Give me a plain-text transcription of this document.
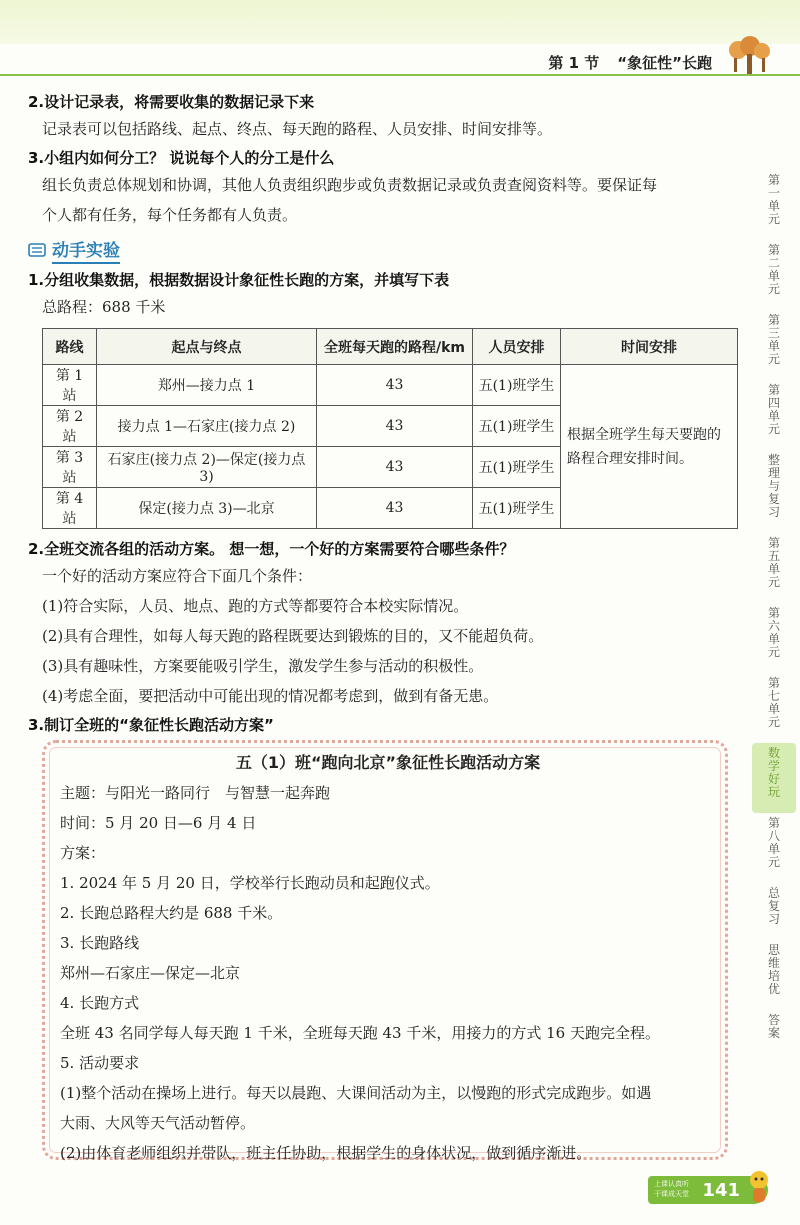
第 1 节 “象征性”长跑
第
一
单
元
第
二
单
元
第
三
单
元
第
四
单
元
整
理
与
复
习
第
五
单
元
第
六
单
元
第
七
单
元
数
学
好
玩
第
八
单
元
总
复
习
思
维
培
优
答
案
2.设计记录表，将需要收集的数据记录下来
记录表可以包括路线、起点、终点、每天跑的路程、人员安排、时间安排等。
3.小组内如何分工？ 说说每个人的分工是什么
组长负责总体规划和协调，其他人负责组织跑步或负责数据记录或负责查阅资料等。要保证每
个人都有任务，每个任务都有人负责。
动手实验
1.分组收集数据，根据数据设计象征性长跑的方案，并填写下表
总路程：688 千米
路线	起点与终点	全班每天跑的路程/km	人员安排	时间安排
第 1 站	郑州—接力点 1	43	五(1)班学生	根据全班学生每天要跑的路程合理安排时间。
第 2 站	接力点 1—石家庄(接力点 2)	43	五(1)班学生	
第 3 站	石家庄(接力点 2)—保定(接力点 3)	43	五(1)班学生	
第 4 站	保定(接力点 3)—北京	43	五(1)班学生	
2.全班交流各组的活动方案。 想一想，一个好的方案需要符合哪些条件？
一个好的活动方案应符合下面几个条件：
(1)符合实际，人员、地点、跑的方式等都要符合本校实际情况。
(2)具有合理性，如每人每天跑的路程既要达到锻炼的目的，又不能超负荷。
(3)具有趣味性，方案要能吸引学生，激发学生参与活动的积极性。
(4)考虑全面，要把活动中可能出现的情况都考虑到，做到有备无患。
3.制订全班的“象征性长跑活动方案”
五（1）班“跑向北京”象征性长跑活动方案
主题：与阳光一路同行　与智慧一起奔跑
时间：5 月 20 日—6 月 4 日
方案：
1. 2024 年 5 月 20 日，学校举行长跑动员和起跑仪式。
2. 长跑总路程大约是 688 千米。
3. 长跑路线
郑州—石家庄—保定—北京
4. 长跑方式
全班 43 名同学每人每天跑 1 千米，全班每天跑 43 千米，用接力的方式 16 天跑完全程。
5. 活动要求
(1)整个活动在操场上进行。每天以晨跑、大课间活动为主，以慢跑的形式完成跑步。如遇
大雨、大风等天气活动暂停。
(2)由体育老师组织并带队，班主任协助，根据学生的身体状况，做到循序渐进。
上课认真听
干课成天堂 141
